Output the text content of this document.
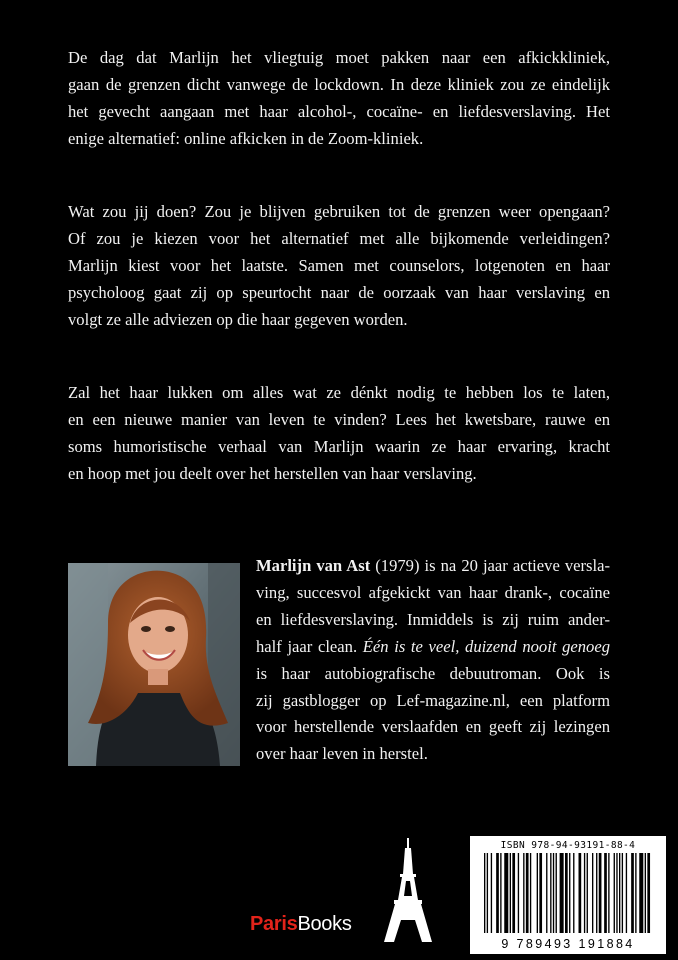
De dag dat Marlijn het vliegtuig moet pakken naar een afkickkliniek,
gaan de grenzen dicht vanwege de lockdown. In deze kliniek zou ze eindelijk
het gevecht aangaan met haar alcohol-, cocaïne- en liefdesverslaving. Het
enige alternatief: online afkicken in de Zoom-kliniek.
Wat zou jij doen? Zou je blijven gebruiken tot de grenzen weer opengaan?
Of zou je kiezen voor het alternatief met alle bijkomende verleidingen?
Marlijn kiest voor het laatste. Samen met counselors, lotgenoten en haar
psycholoog gaat zij op speurtocht naar de oorzaak van haar verslaving en
volgt ze alle adviezen op die haar gegeven worden.
Zal het haar lukken om alles wat ze dénkt nodig te hebben los te laten,
en een nieuwe manier van leven te vinden? Lees het kwetsbare, rauwe en
soms humoristische verhaal van Marlijn waarin ze haar ervaring, kracht
en hoop met jou deelt over het herstellen van haar verslaving.
Marlijn van Ast (1979) is na 20 jaar actieve versla-
ving, succesvol afgekickt van haar drank-, cocaïne
en liefdesverslaving. Inmiddels is zij ruim ander-
half jaar clean. Één is te veel, duizend nooit genoeg
is haar autobiografische debuutroman. Ook is
zij gastblogger op Lef-magazine.nl, een platform
voor herstellende verslaafden en geeft zij lezingen
over haar leven in herstel.
ParisBooks
ISBN 978-94-93191-88-4
9 789493 191884
